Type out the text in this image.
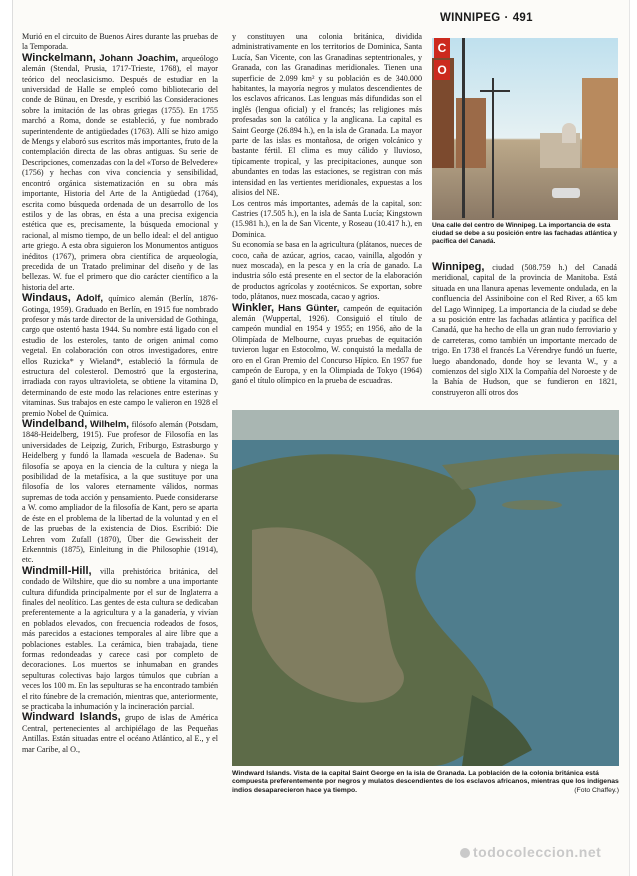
WINNIPEG · 491

Murió en el circuito de Buenos Aires durante las pruebas de la Temporada.

Winckelmann, Johann Joachim, arqueólogo alemán (Stendal, Prusia, 1717-Trieste, 1768), el mayor teórico del neoclasicismo. Después de estudiar en la universidad de Halle se empleó como bibliotecario del conde de Bünau, en Dresde, y escribió las Consideraciones sobre la imitación de las obras griegas (1755). En 1755 marchó a Roma, donde se estableció, y fue nombrado superintendente de antigüedades (1763). Allí se hizo amigo de Mengs y elaboró sus escritos más importantes, fruto de la contemplación directa de las obras antiguas. Su serie de Descripciones, comenzadas con la del «Torso de Belvedere» (1756) y hechas con viva conciencia y sensibilidad, encontró orgánica sistematización en su obra más importante, Historia del Arte de la Antigüedad (1764), escrita como búsqueda ordenada de un desarrollo de los estilos y de las obras, en ésta a una precisa exigencia estética que es, precisamente, la búsqueda emocional y racional, al mismo tiempo, de un bello ideal: el del antiguo arte griego. A esta obra siguieron los Monumentos antiguos inéditos (1767), primera obra científica de arqueología, precedida de un Tratado preliminar del diseño y de las bellezas. W. fue el primero que dio carácter científico a la historia del arte.

Windaus, Adolf, químico alemán (Berlín, 1876-Gotinga, 1959). Graduado en Berlín, en 1915 fue nombrado profesor y más tarde director de la universidad de Gothinga, cargo que ostentó hasta 1944. Su nombre está ligado con el estudio de los esteroles, tanto de origen animal como vegetal. En colaboración con otros investigadores, entre ellos Ruzicka* y Wieland*, estableció la fórmula de estructura del colesterol. Demostró que la ergosterina, irradiada con rayos ultravioleta, se obtiene la vitamina D, determinando de este modo las relaciones entre esterinas y vitaminas. Sus trabajos en este campo le valieron en 1928 el premio Nobel de Química.

Windelband, Wilhelm, filósofo alemán (Potsdam, 1848-Heidelberg, 1915). Fue profesor de Filosofía en las universidades de Leipzig, Zurich, Friburgo, Estrasburgo y Heidelberg y fundó la llamada «escuela de Badena». Su filosofía se apoya en la ciencia de la cultura y niega la posibilidad de la metafísica, a la que sustituye por una filosofía de los valores eternamente válidos, normas supremas de toda acción y pensamiento. Puede considerarse a W. como ampliador de la filosofía de Kant, pero se aparta de éste en el problema de la libertad de la voluntad y en el de las pruebas de la existencia de Dios. Escribió: Die Lehren vom Zufall (1870), Über die Gewissheit der Erkenntnis (1875), Einleitung in die Philosophie (1914), etc.

Windmill-Hill, villa prehistórica británica, del condado de Wiltshire, que dio su nombre a una importante cultura difundida principalmente por el sur de Inglaterra a finales del neolítico. Las gentes de esta cultura se dedicaban preferentemente a la agricultura y a la ganadería, y vivían en poblados elevados, con frecuencia rodeados de fosos, más parecidos a estaciones temporales al aire libre que a poblaciones estables. La cerámica, bien trabajada, tiene formas redondeadas y carece casi por completo de decoraciones. Los muertos se inhumaban en grandes sepulturas colectivas bajo largos túmulos que cubrían a veces los 100 m. En las sepulturas se ha encontrado también el rito fúnebre de la cremación, mientras que, anteriormente, se practicaba la inhumación y la incineración parcial.

Windward Islands, grupo de islas de América Central, pertenecientes al archipiélago de las Pequeñas Antillas. Están situadas entre el océano Atlántico, al E., y el mar Caribe, al O.,

y constituyen una colonia británica, dividida administrativamente en los territorios de Dominica, Santa Lucía, San Vicente, con las Granadinas septentrionales, y Granada, con las Granadinas meridionales. Tienen una superficie de 2.099 km² y su población es de 340.000 habitantes, la mayoría negros y mulatos descendientes de los esclavos africanos. Las lenguas más difundidas son el inglés (lengua oficial) y el francés; las religiones más profesadas son la católica y la anglicana. La capital es Saint George (26.894 h.), en la isla de Granada. La mayor parte de las islas es montañosa, de origen volcánico y bastante fértil. El clima es muy cálido y lluvioso, típicamente tropical, y las precipitaciones, aunque son abundantes en todas las estaciones, se registran con más intensidad en las vertientes meridionales, expuestas a los alisios del NE.

Los centros más importantes, además de la capital, son: Castries (17.505 h.), en la isla de Santa Lucía; Kingstown (15.981 h.), en la de San Vicente, y Roseau (10.417 h.), en Dominica.

Su economía se basa en la agricultura (plátanos, nueces de coco, caña de azúcar, agrios, cacao, vainilla, algodón y nuez moscada), en la pesca y en la cría de ganado. La industria sólo está presente en el sector de la elaboración de productos agrícolas y zootécnicos. Se exportan, sobre todo, plátanos, nuez moscada, cacao y agrios.

Winkler, Hans Günter, campeón de equitación alemán (Wuppertal, 1926). Consiguió el título de campeón mundial en 1954 y 1955; en 1956, año de la Olimpíada de Melbourne, cuyas pruebas de equitación tuvieron lugar en Estocolmo, W. conquistó la medalla de oro en el Gran Premio del Concurso Hípico. En 1957 fue campeón de Europa, y en la Olimpiada de Tokyo (1964) ganó el título olímpico en la prueba de escuadras.

C
O
Una calle del centro de Winnipeg. La importancia de esta ciudad se debe a su posición entre las fachadas atlántica y pacífica del Canadá.

Winnipeg, ciudad (508.759 h.) del Canadá meridional, capital de la provincia de Manitoba. Está situada en una llanura apenas levemente ondulada, en la confluencia del Assiniboine con el Red River, a 65 km del Lago Winnipeg. La importancia de la ciudad se debe a su posición entre las fachadas atlántica y pacífica del Canadá, que ha hecho de ella un gran nudo ferroviario y de carreteras, como también un importante mercado de trigo. En 1738 el francés La Vérendrye fundó un fuerte, luego abandonado, donde hoy se levanta W., y a comienzos del siglo XIX la Compañía del Noroeste y de la Bahía de Hudson, que se fundieron en 1821, construyeron allí otros dos

Windward Islands. Vista de la capital Saint George en la isla de Granada. La población de la colonia británica está compuesta preferentemente por negros y mulatos descendientes de los esclavos africanos, mientras que los indígenas indios desaparecieron hace ya tiempo.	(Foto Chaffey.)
todocoleccion.net
